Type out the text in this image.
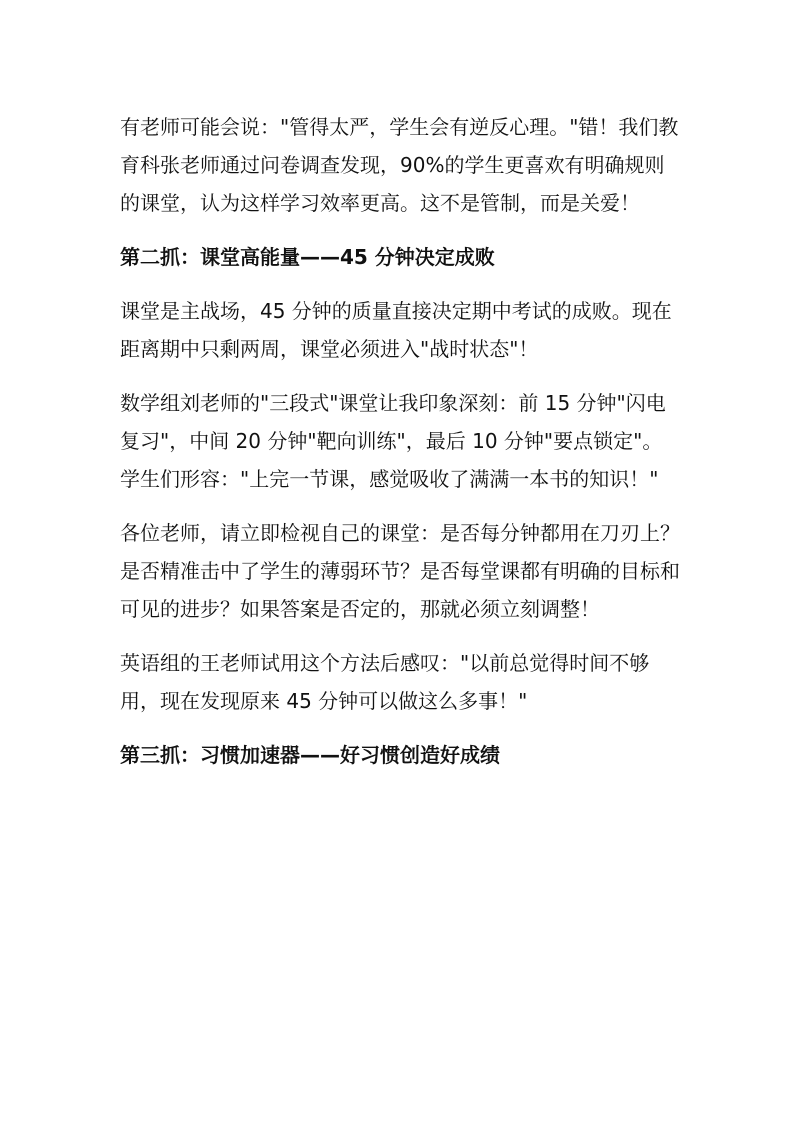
有老师可能会说："管得太严，学生会有逆反心理。"错！我们教育科张老师通过问卷调查发现，90%的学生更喜欢有明确规则的课堂，认为这样学习效率更高。这不是管制，而是关爱！

第二抓：课堂高能量——45 分钟决定成败

课堂是主战场，45 分钟的质量直接决定期中考试的成败。现在距离期中只剩两周，课堂必须进入"战时状态"！

数学组刘老师的"三段式"课堂让我印象深刻：前 15 分钟"闪电复习"，中间 20 分钟"靶向训练"，最后 10 分钟"要点锁定"。学生们形容："上完一节课，感觉吸收了满满一本书的知识！"

各位老师，请立即检视自己的课堂：是否每分钟都用在刀刃上？是否精准击中了学生的薄弱环节？是否每堂课都有明确的目标和可见的进步？如果答案是否定的，那就必须立刻调整！

英语组的王老师试用这个方法后感叹："以前总觉得时间不够用，现在发现原来 45 分钟可以做这么多事！"

第三抓：习惯加速器——好习惯创造好成绩
